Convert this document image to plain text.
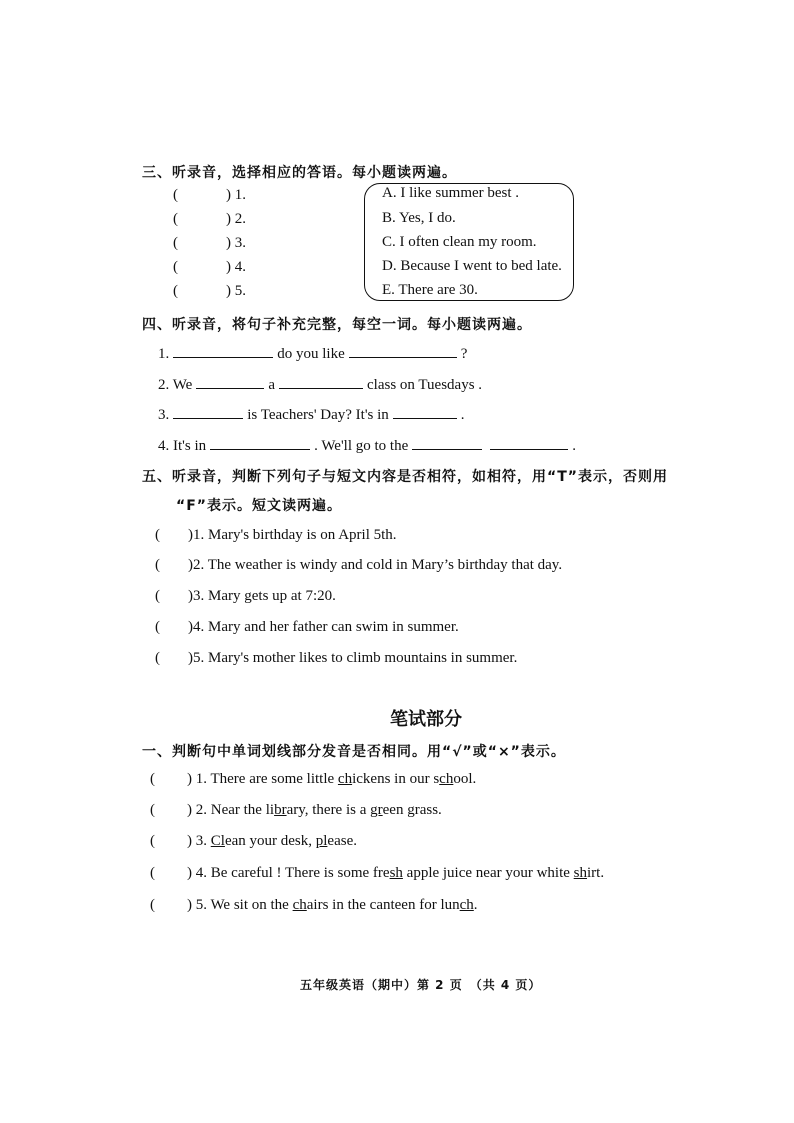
三、听录音，选择相应的答语。每小题读两遍。
(	) 1.
(	) 2.
(	) 3.
(	) 4.
(	) 5.
A. I like summer best .
B. Yes, I do.
C. I often clean my room.
D. Because I went to bed late.
E. There are 30.
四、听录音，将句子补充完整，每空一词。每小题读两遍。
1.	do you like	?
2. We	a	class on Tuesdays .
3.	is Teachers' Day? It's in	.
4. It's in	. We'll go to the	.
五、听录音，判断下列句子与短文内容是否相符，如相符，用“T”表示，否则用
“F”表示。短文读两遍。
( )1. Mary's birthday is on April 5th.
( )2. The weather is windy and cold in Mary’s birthday that day.
( )3. Mary gets up at 7:20.
( )4. Mary and her father can swim in summer.
( )5. Mary's mother likes to climb mountains in summer.
笔试部分
一、判断句中单词划线部分发音是否相同。用“√”或“×”表示。
( ) 1. There are some little chickens in our school.
( ) 2. Near the library, there is a green grass.
( ) 3. Clean your desk, please.
( ) 4. Be careful ! There is some fresh apple juice near your white shirt.
( ) 5. We sit on the chairs in the canteen for lunch.
五年级英语（期中）第 2 页　（共 4 页）
